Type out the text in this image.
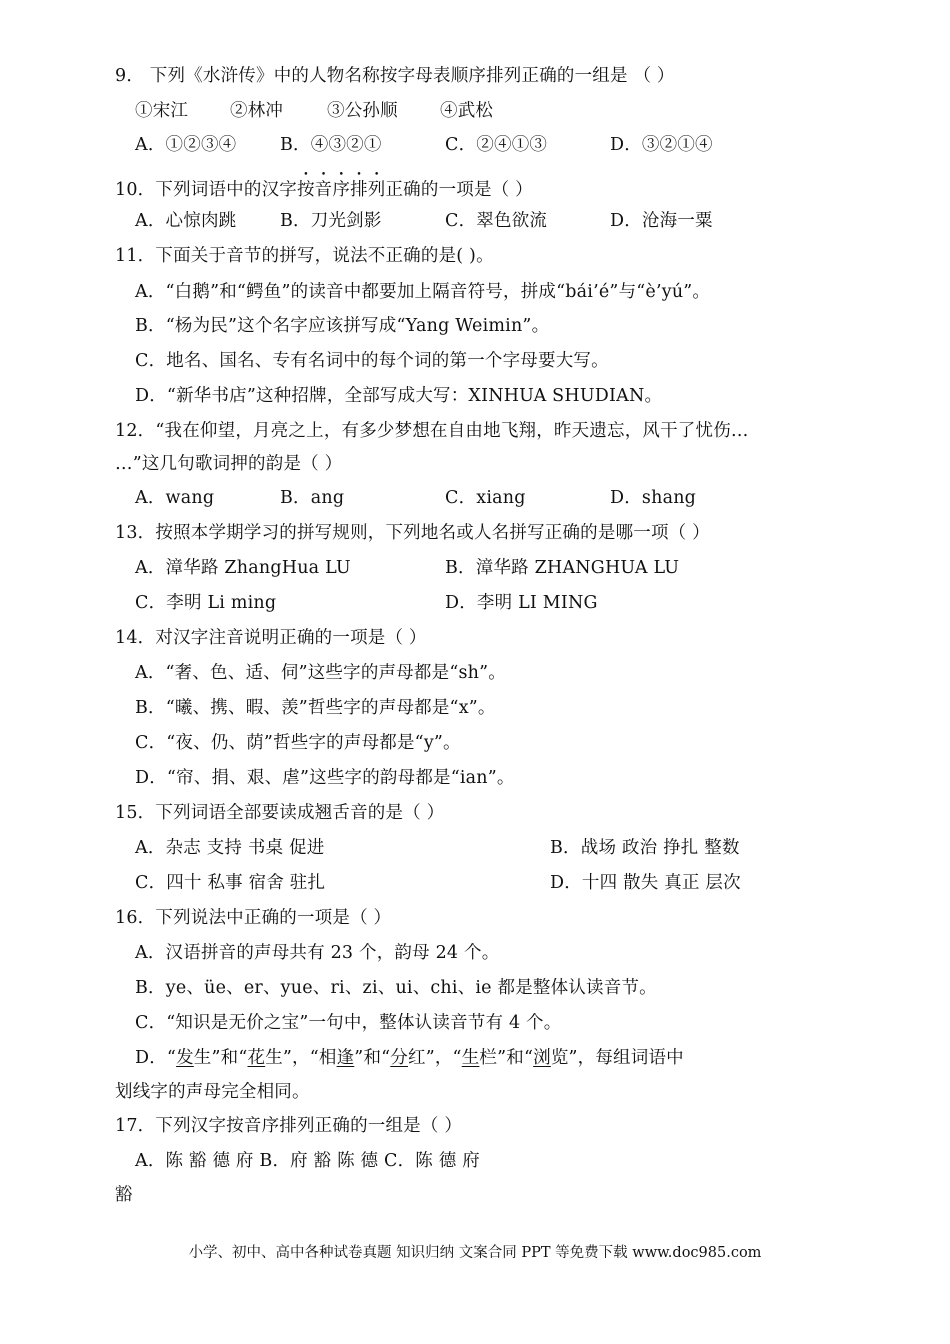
9． 下列《水浒传》中的人物名称按字母表顺序排列正确的一组是 （ ）
①宋江 ②林冲	③公孙顺 ④武松
A．①②③④ B．④③②①	C．②④①③	D．③②①④
10．下列词语中的汉字按音序排列正确的一项是（ ）
A．心惊肉跳 B．刀光剑影	C．翠色欲流	D．沧海一粟
11．下面关于音节的拼写，说法不正确的是( )。
A．“白鹅”和“鳄鱼”的读音中都要加上隔音符号，拼成“bái’é”与“è’yú”。
B．“杨为民”这个名字应该拼写成“Yang Weimin”。
C．地名、国名、专有名词中的每个词的第一个字母要大写。
D．“新华书店”这种招牌，全部写成大写：XINHUA SHUDIAN。
12．“我在仰望，月亮之上，有多少梦想在自由地飞翔，昨天遗忘，风干了忧伤…
…”这几句歌词押的韵是（ ）
A．wang	B．ang	C．xiang	D．shang
13．按照本学期学习的拼写规则，下列地名或人名拼写正确的是哪一项（ ）
A．漳华路 ZhangHua LU	B．漳华路 ZHANGHUA LU
C．李明 Li ming	D．李明 LI MING
14．对汉字注音说明正确的一项是（ ）
A．“奢、色、适、伺”这些字的声母都是“sh”。
B．“曦、携、暇、羡”哲些字的声母都是“x”。
C．“夜、仍、荫”哲些字的声母都是“y”。
D．“帘、捐、艰、虐”这些字的韵母都是“ian”。
15．下列词语全部要读成翘舌音的是（ ）
A．杂志 支持 书桌 促进	B．战场 政治 挣扎 整数
C．四十 私事 宿舍 驻扎	D．十四 散失 真正 层次
16．下列说法中正确的一项是（ ）
A．汉语拼音的声母共有 23 个，韵母 24 个。
B．ye、üe、er、yue、ri、zi、ui、chi、ie 都是整体认读音节。
C．“知识是无价之宝”一句中，整体认读音节有 4 个。
D．“发生”和“花生”，“相逢”和“分红”，“生栏”和“浏览”，每组词语中
划线字的声母完全相同。
17．下列汉字按音序排列正确的一组是（ ）
A．陈 豁 德 府 B．府 豁 陈 德 C．陈 德 府
豁
小学、初中、高中各种试卷真题 知识归纳 文案合同 PPT 等免费下载 www.doc985.com
